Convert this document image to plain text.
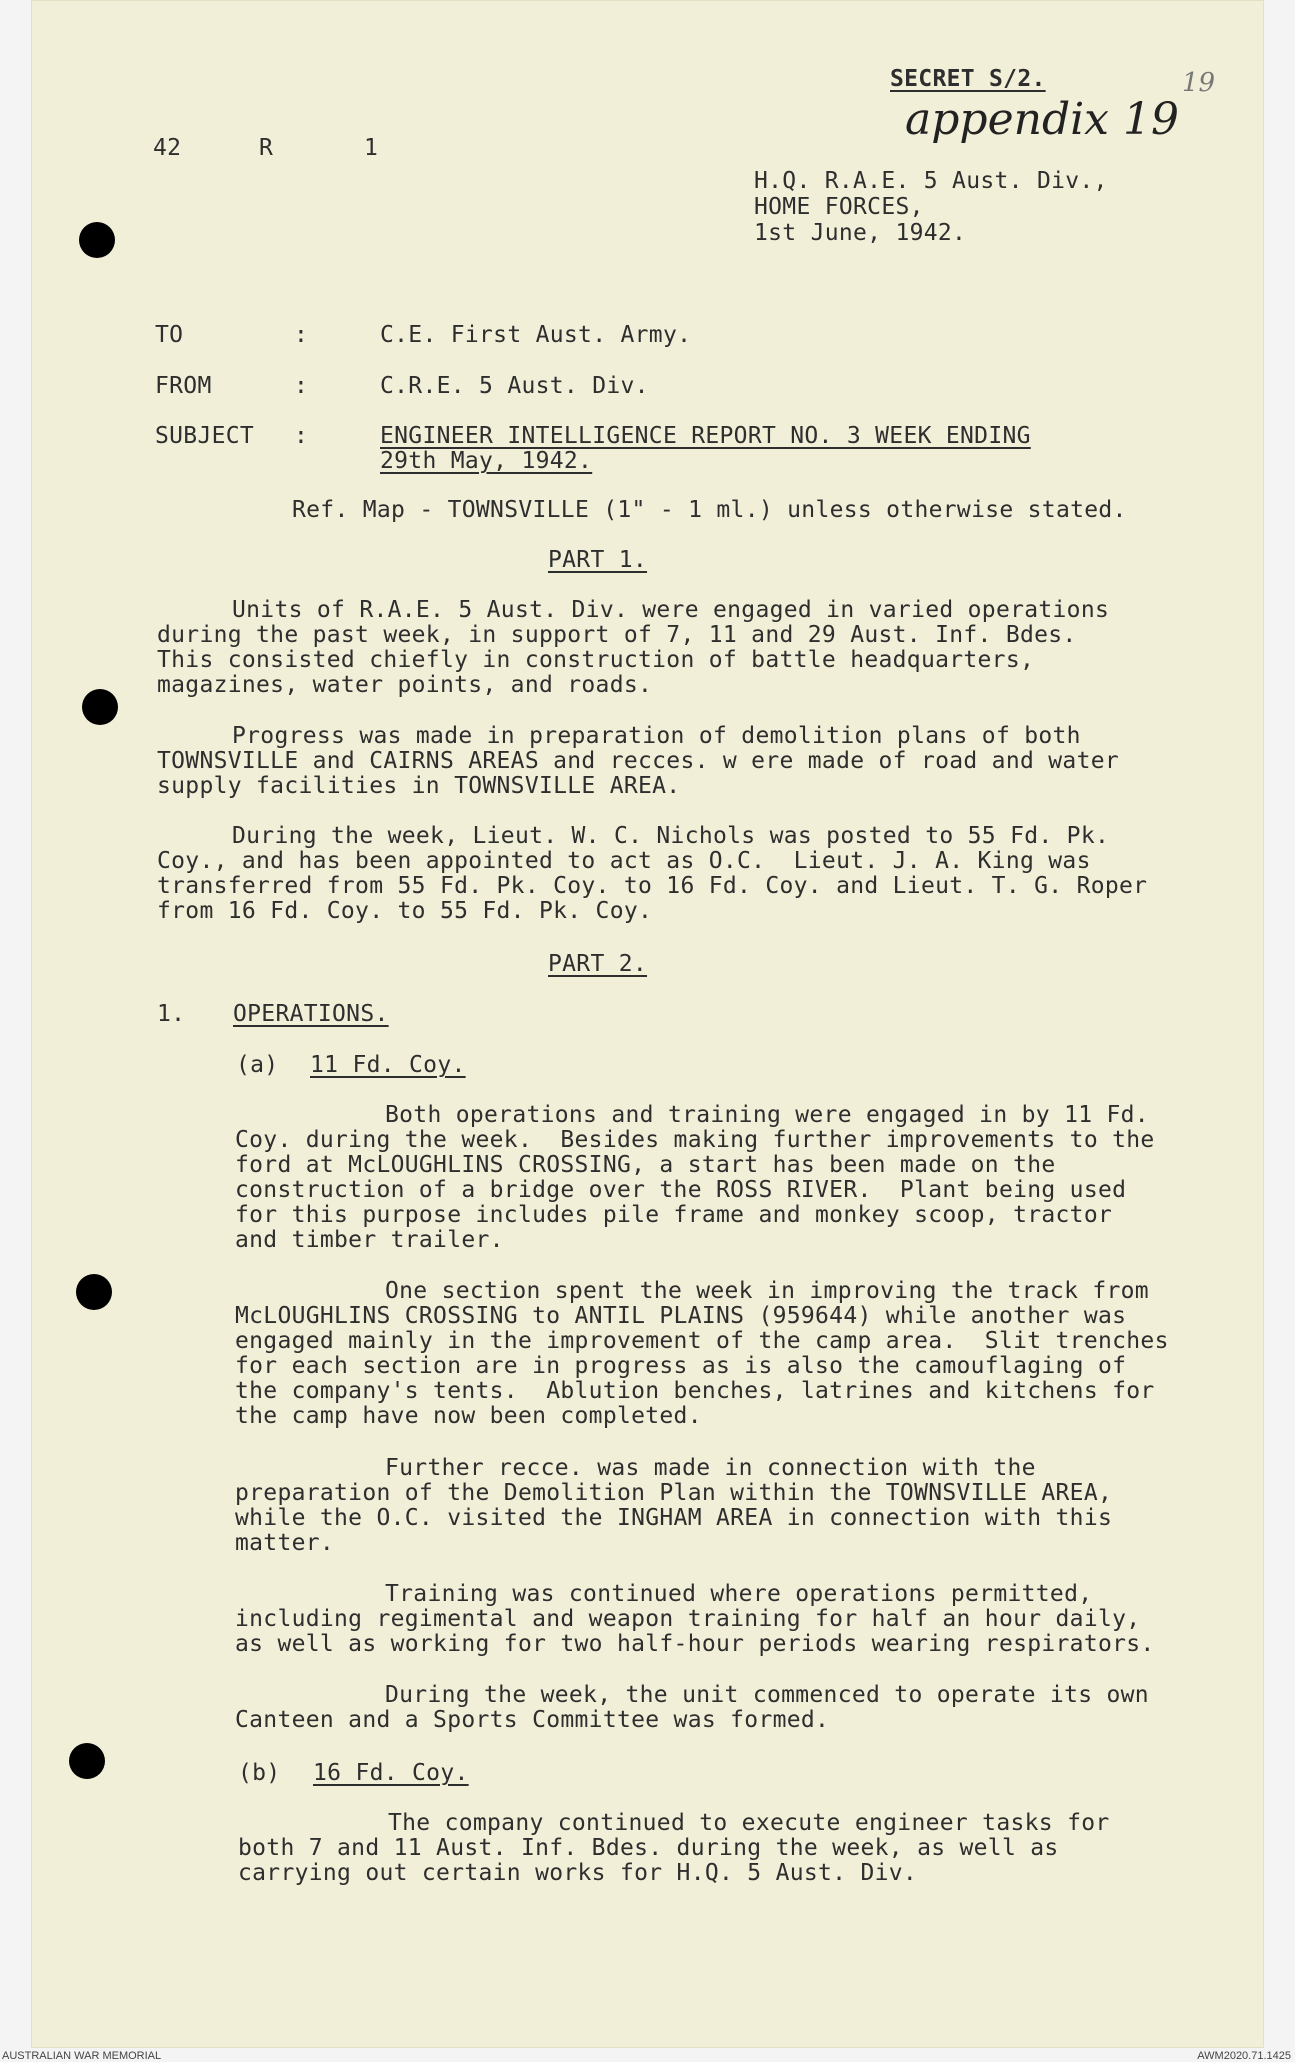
SECRET S/2.
appendix 19
19
42	R	1
H.Q. R.A.E. 5 Aust. Div.,
HOME FORCES,
1st June, 1942.
TO	:	C.E. First Aust. Army.
FROM	:	C.R.E. 5 Aust. Div.
SUBJECT :	ENGINEER INTELLIGENCE REPORT NO. 3 WEEK ENDING
29th May, 1942.
Ref. Map - TOWNSVILLE (1" - 1 ml.) unless otherwise stated.
PART 1.
Units of R.A.E. 5 Aust. Div. were engaged in varied operations
during the past week, in support of 7, 11 and 29 Aust. Inf. Bdes.
This consisted chiefly in construction of battle headquarters,
magazines, water points, and roads.
Progress was made in preparation of demolition plans of both
TOWNSVILLE and CAIRNS AREAS and recces. w ere made of road and water
supply facilities in TOWNSVILLE AREA.
During the week, Lieut. W. C. Nichols was posted to 55 Fd. Pk.
Coy., and has been appointed to act as O.C.  Lieut. J. A. King was
transferred from 55 Fd. Pk. Coy. to 16 Fd. Coy. and Lieut. T. G. Roper
from 16 Fd. Coy. to 55 Fd. Pk. Coy.
PART 2.
1. OPERATIONS.
(a) 11 Fd. Coy.
Both operations and training were engaged in by 11 Fd.
Coy. during the week.  Besides making further improvements to the
ford at McLOUGHLINS CROSSING, a start has been made on the
construction of a bridge over the ROSS RIVER.  Plant being used
for this purpose includes pile frame and monkey scoop, tractor
and timber trailer.
One section spent the week in improving the track from
McLOUGHLINS CROSSING to ANTIL PLAINS (959644) while another was
engaged mainly in the improvement of the camp area.  Slit trenches
for each section are in progress as is also the camouflaging of
the company's tents.  Ablution benches, latrines and kitchens for
the camp have now been completed.
Further recce. was made in connection with the
preparation of the Demolition Plan within the TOWNSVILLE AREA,
while the O.C. visited the INGHAM AREA in connection with this
matter.
Training was continued where operations permitted,
including regimental and weapon training for half an hour daily,
as well as working for two half-hour periods wearing respirators.
During the week, the unit commenced to operate its own
Canteen and a Sports Committee was formed.
(b) 16 Fd. Coy.
The company continued to execute engineer tasks for
both 7 and 11 Aust. Inf. Bdes. during the week, as well as
carrying out certain works for H.Q. 5 Aust. Div.
AUSTRALIAN WAR MEMORIAL	AWM2020.71.1425
